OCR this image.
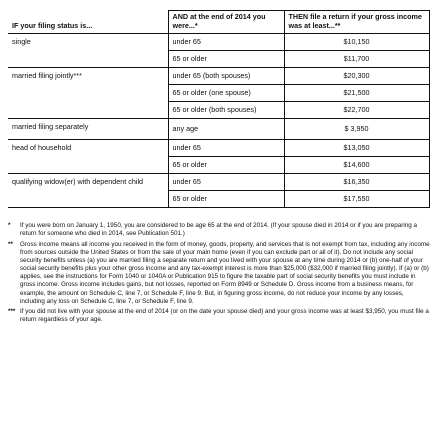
IF your filing status is...	AND at the end of 2014 you were...*	THEN file a return if your gross income was at least...**
single	under 65	$10,150
	65 or older	$11,700
married filing jointly***	under 65 (both spouses)	$20,300
	65 or older (one spouse)	$21,500
	65 or older (both spouses)	$22,700
married filing separately	any age	$ 3,950
head of household	under 65	$13,050
	65 or older	$14,600
qualifying widow(er) with dependent child	under 65	$16,350
	65 or older	$17,550
*	If you were born on January 1, 1950, you are considered to be age 65 at the end of 2014. (If your spouse died in 2014 or if you are preparing a return for someone who died in 2014, see Publication 501.)
**	Gross income means all income you received in the form of money, goods, property, and services that is not exempt from tax, including any income from sources outside the United States or from the sale of your main home (even if you can exclude part or all of it). Do not include any social security benefits unless (a) you are married filing a separate return and you lived with your spouse at any time during 2014 or (b) one-half of your social security benefits plus your other gross income and any tax-exempt interest is more than $25,000 ($32,000 if married filing jointly). If (a) or (b) applies, see the instructions for Form 1040 or 1040A or Publication 915 to figure the taxable part of social security benefits you must include in gross income. Gross income includes gains, but not losses, reported on Form 8949 or Schedule D. Gross income from a business means, for example, the amount on Schedule C, line 7, or Schedule F, line 9. But, in figuring gross income, do not reduce your income by any losses, including any loss on Schedule C, line 7, or Schedule F, line 9.
*** If you did not live with your spouse at the end of 2014 (or on the date your spouse died) and your gross income was at least $3,950, you must file a return regardless of your age.
